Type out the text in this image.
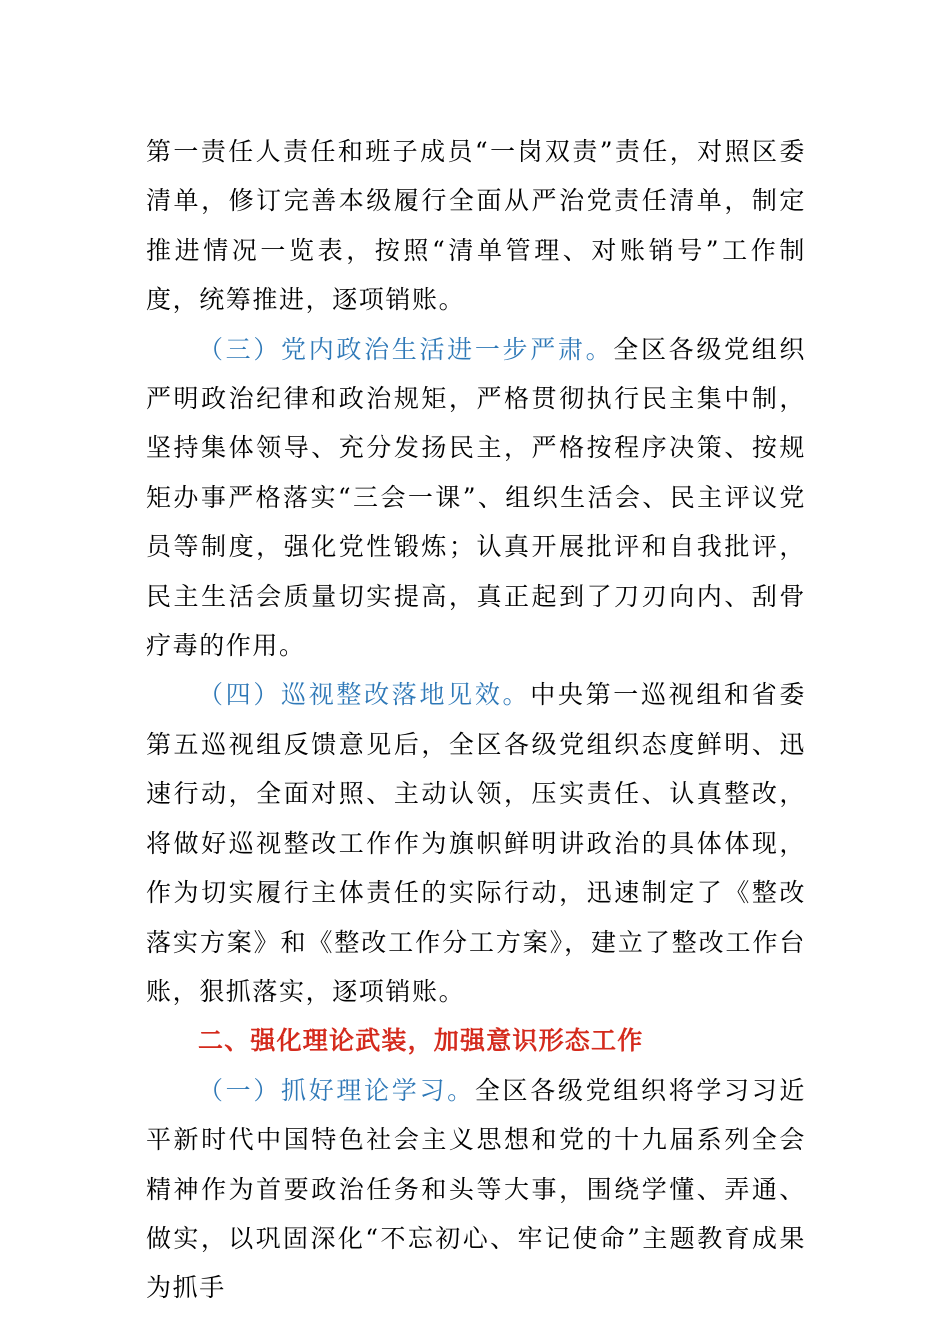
第一责任人责任和班子成员“一岗双责”责任，对照区委清单，修订完善本级履行全面从严治党责任清单，制定推进情况一览表，按照“清单管理、对账销号”工作制度，统筹推进，逐项销账。

（三）党内政治生活进一步严肃。全区各级党组织严明政治纪律和政治规矩，严格贯彻执行民主集中制，坚持集体领导、充分发扬民主，严格按程序决策、按规矩办事严格落实“三会一课”、组织生活会、民主评议党员等制度，强化党性锻炼；认真开展批评和自我批评，民主生活会质量切实提高，真正起到了刀刃向内、刮骨疗毒的作用。

（四）巡视整改落地见效。中央第一巡视组和省委第五巡视组反馈意见后，全区各级党组织态度鲜明、迅速行动，全面对照、主动认领，压实责任、认真整改，将做好巡视整改工作作为旗帜鲜明讲政治的具体体现，作为切实履行主体责任的实际行动，迅速制定了《整改落实方案》和《整改工作分工方案》，建立了整改工作台账，狠抓落实，逐项销账。

二、强化理论武装，加强意识形态工作

（一）抓好理论学习。全区各级党组织将学习习近平新时代中国特色社会主义思想和党的十九届系列全会精神作为首要政治任务和头等大事，围绕学懂、弄通、做实，以巩固深化“不忘初心、牢记使命”主题教育成果为抓手
